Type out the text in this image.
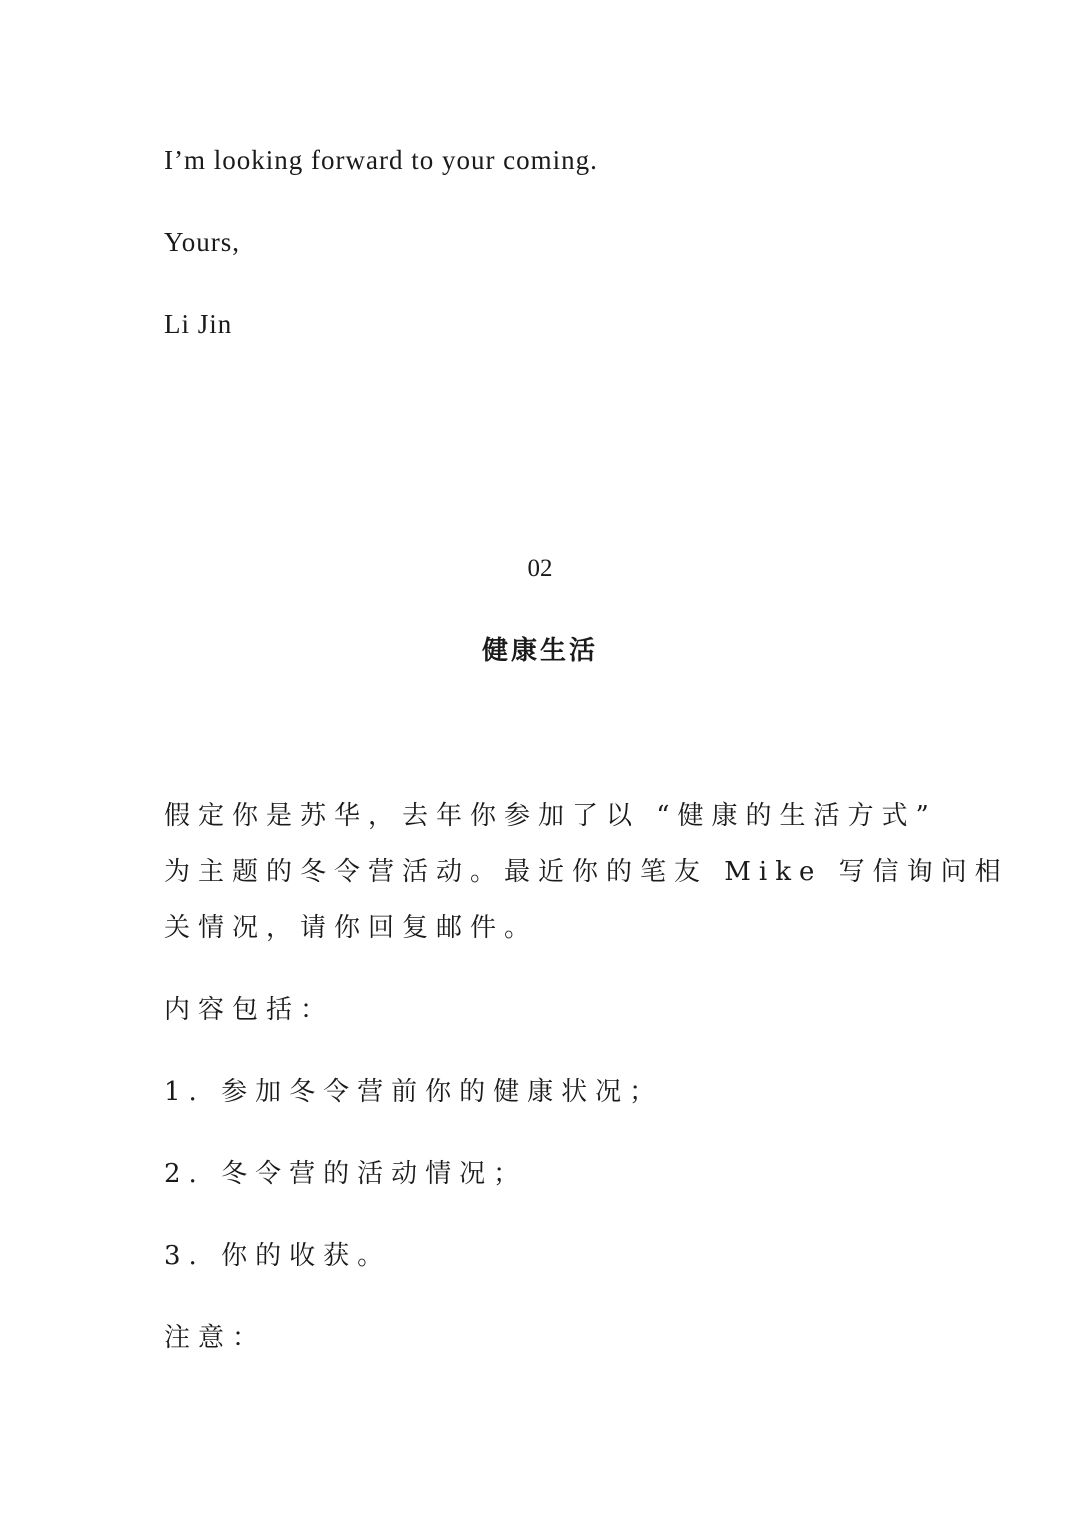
I’m looking forward to your coming.

Yours,

Li Jin

02

健康生活

假定你是苏华，去年你参加了以 “健康的生活方式”

为主题的冬令营活动。最近你的笔友 Mike 写信询问相

关情况，请你回复邮件。

内容包括：

1. 参加冬令营前你的健康状况；

2. 冬令营的活动情况；

3. 你的收获。

注意：
